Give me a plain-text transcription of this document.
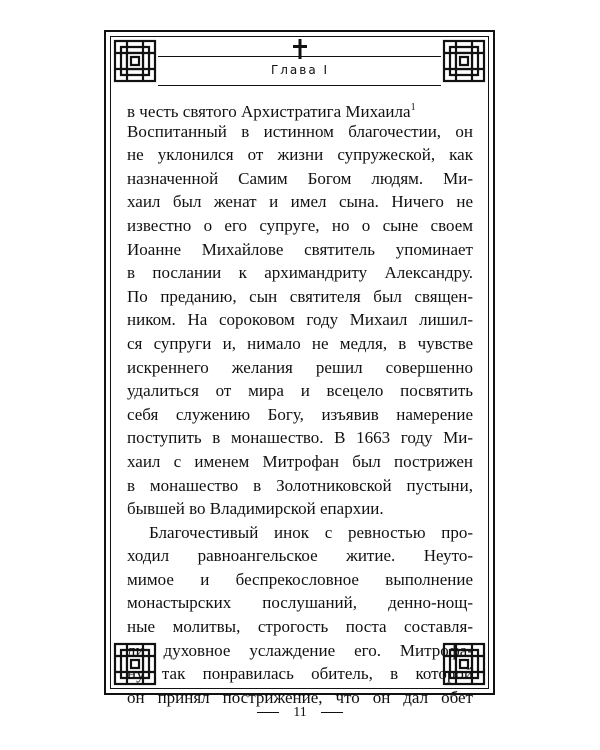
Глава I
в честь святого Архистратига Михаила$^1$
Воспитанный в истинном благочестии, он
не уклонился от жизни супружеской, как
назначенной Самим Богом людям. Ми-
хаил был женат и имел сына. Ничего не
известно о его супруге, но о сыне своем
Иоанне Михайлове святитель упоминает
в послании к архимандриту Александру.
По преданию, сын святителя был священ-
ником. На сороковом году Михаил лишил-
ся супруги и, нимало не медля, в чувстве
искреннего желания решил совершенно
удалиться от мира и всецело посвятить
себя служению Богу, изъявив намерение
поступить в монашество. В 1663 году Ми-
хаил с именем Митрофан был пострижен
в монашество в Золотниковской пустыни,
бывшей во Владимирской епархии.
Благочестивый инок с ревностью про-
ходил равноангельское житие. Неуто-
мимое и беспрекословное выполнение
монастырских послушаний, денно-нощ-
ные молитвы, строгость поста составля-
ли духовное услаждение его. Митрофа-
ну так понравилась обитель, в которой
он принял пострижение, что он дал обет
11
